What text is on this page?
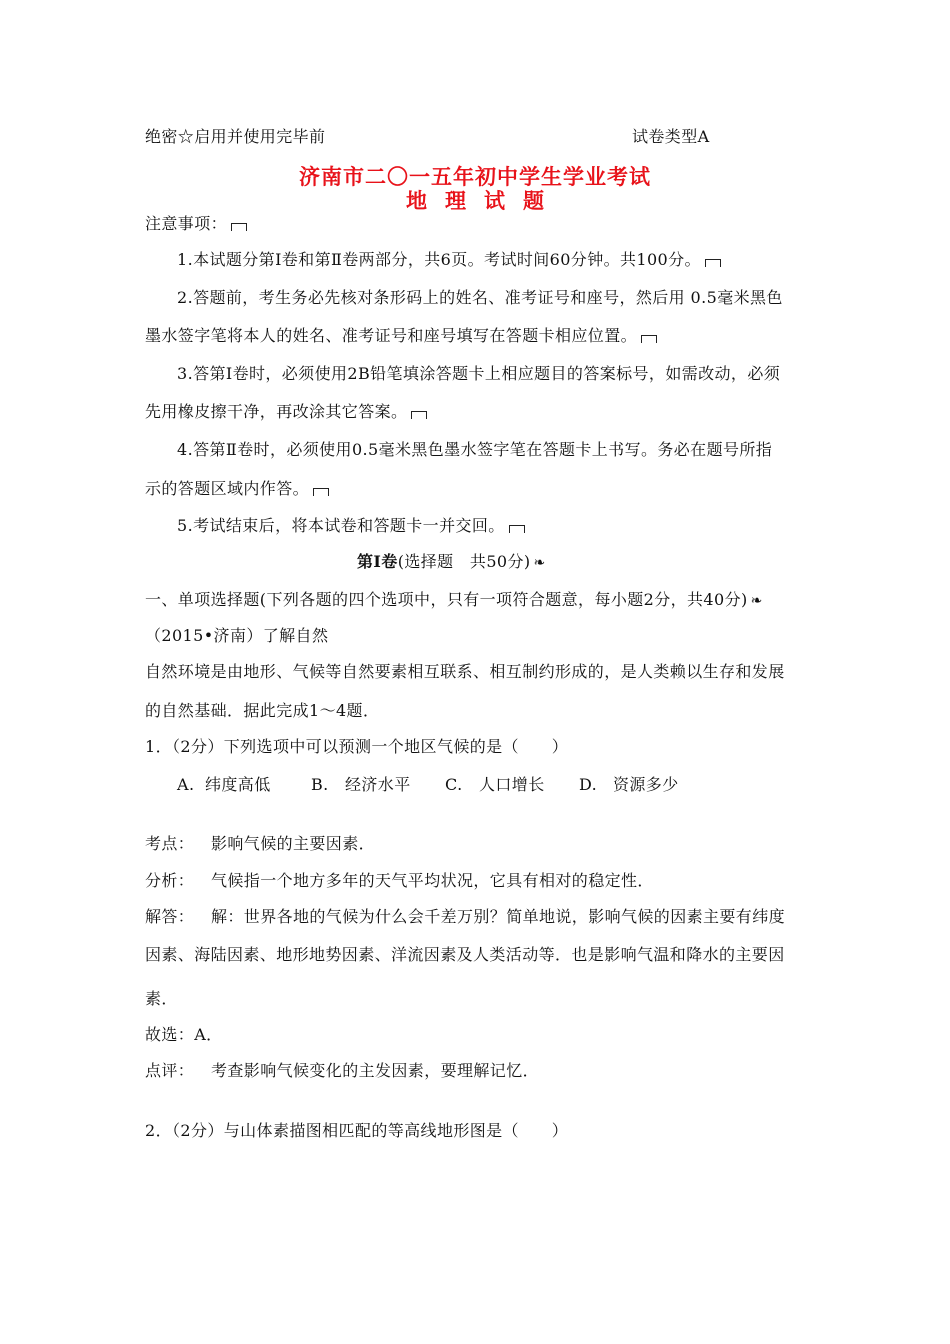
绝密☆启用并使用完毕前	试卷类型A
济南市二〇一五年初中学生学业考试
地理试题
注意事项：
1.本试题分第Ⅰ卷和第Ⅱ卷两部分，共6页。考试时间60分钟。共100分。
2.答题前，考生务必先核对条形码上的姓名、准考证号和座号，然后用 0.5毫米黑色
墨水签字笔将本人的姓名、准考证号和座号填写在答题卡相应位置。
3.答第Ⅰ卷时，必须使用2B铅笔填涂答题卡上相应题目的答案标号，如需改动，必须
先用橡皮擦干净，再改涂其它答案。
4.答第Ⅱ卷时，必须使用0.5毫米黑色墨水签字笔在答题卡上书写。务必在题号所指
示的答题区域内作答。
5.考试结束后，将本试卷和答题卡一并交回。
第Ⅰ卷(选择题　共50分) ❧
一、单项选择题(下列各题的四个选项中，只有一项符合题意，每小题2分，共40分) ❧
（2015•济南）了解自然
自然环境是由地形、气候等自然要素相互联系、相互制约形成的，是人类赖以生存和发展
的自然基础．据此完成1～4题．
1．（2分）下列选项中可以预测一个地区气候的是（　　）
A. 纬度高低	B. 经济水平 C. 人口增长 D. 资源多少
考点： 影响气候的主要因素．
分析： 气候指一个地方多年的天气平均状况，它具有相对的稳定性．
解答： 解：世界各地的气候为什么会千差万别？简单地说，影响气候的因素主要有纬度
因素、海陆因素、地形地势因素、洋流因素及人类活动等．也是影响气温和降水的主要因
素．
故选：A．
点评： 考查影响气候变化的主发因素，要理解记忆．
2．（2分）与山体素描图相匹配的等高线地形图是（　　）
